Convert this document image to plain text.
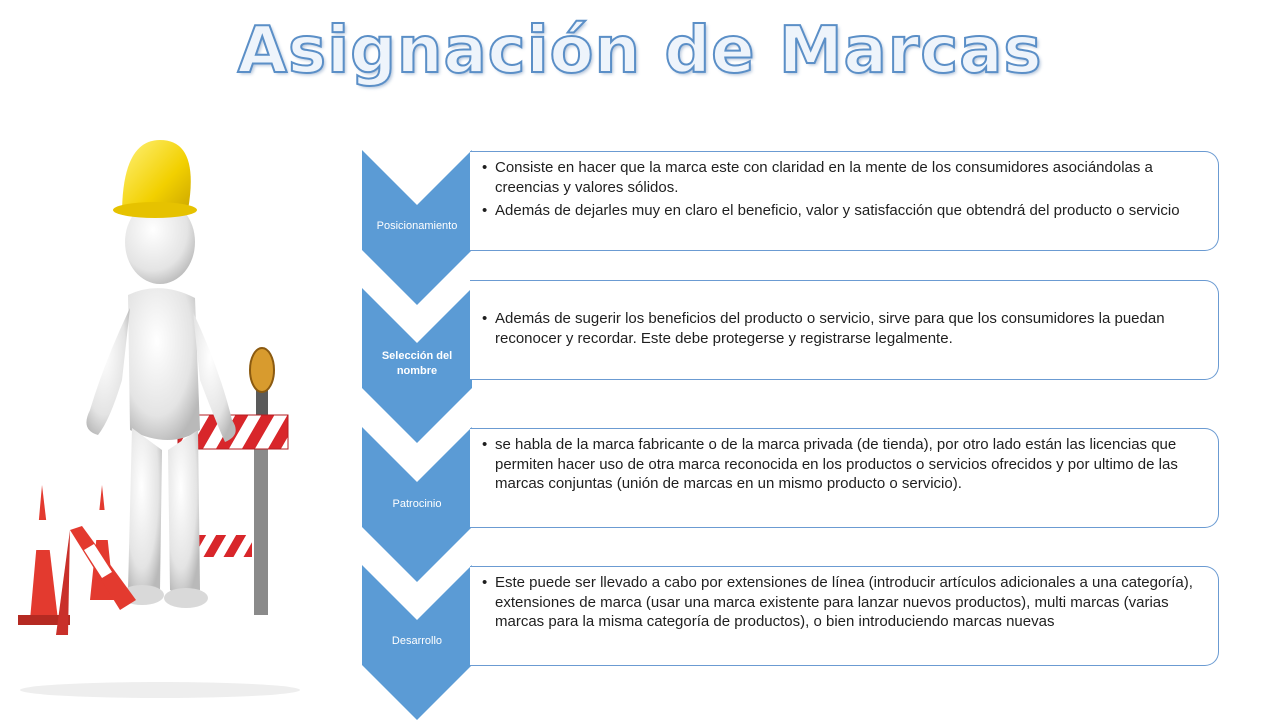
Asignación de Marcas
Posicionamiento
Selección del nombre
Patrocinio
Desarrollo
• Consiste en hacer que la marca este con claridad en la mente de los consumidores asociándolas a creencias y valores sólidos.
• Además de dejarles muy en claro el beneficio, valor y satisfacción que obtendrá del producto o servicio
• Además de sugerir los beneficios del producto o servicio, sirve para que los consumidores la puedan reconocer y recordar. Este debe protegerse y registrarse legalmente.
• se habla de la marca fabricante o de la marca privada (de tienda), por otro lado están las licencias que permiten hacer uso de otra marca reconocida en los productos o servicios ofrecidos y por ultimo de las marcas conjuntas (unión de marcas en un mismo producto o servicio).
• Este puede ser llevado a cabo por extensiones de línea (introducir artículos adicionales a una categoría), extensiones de marca (usar una marca existente para lanzar nuevos productos), multi marcas (varias marcas para la misma categoría de productos), o bien introduciendo marcas nuevas
